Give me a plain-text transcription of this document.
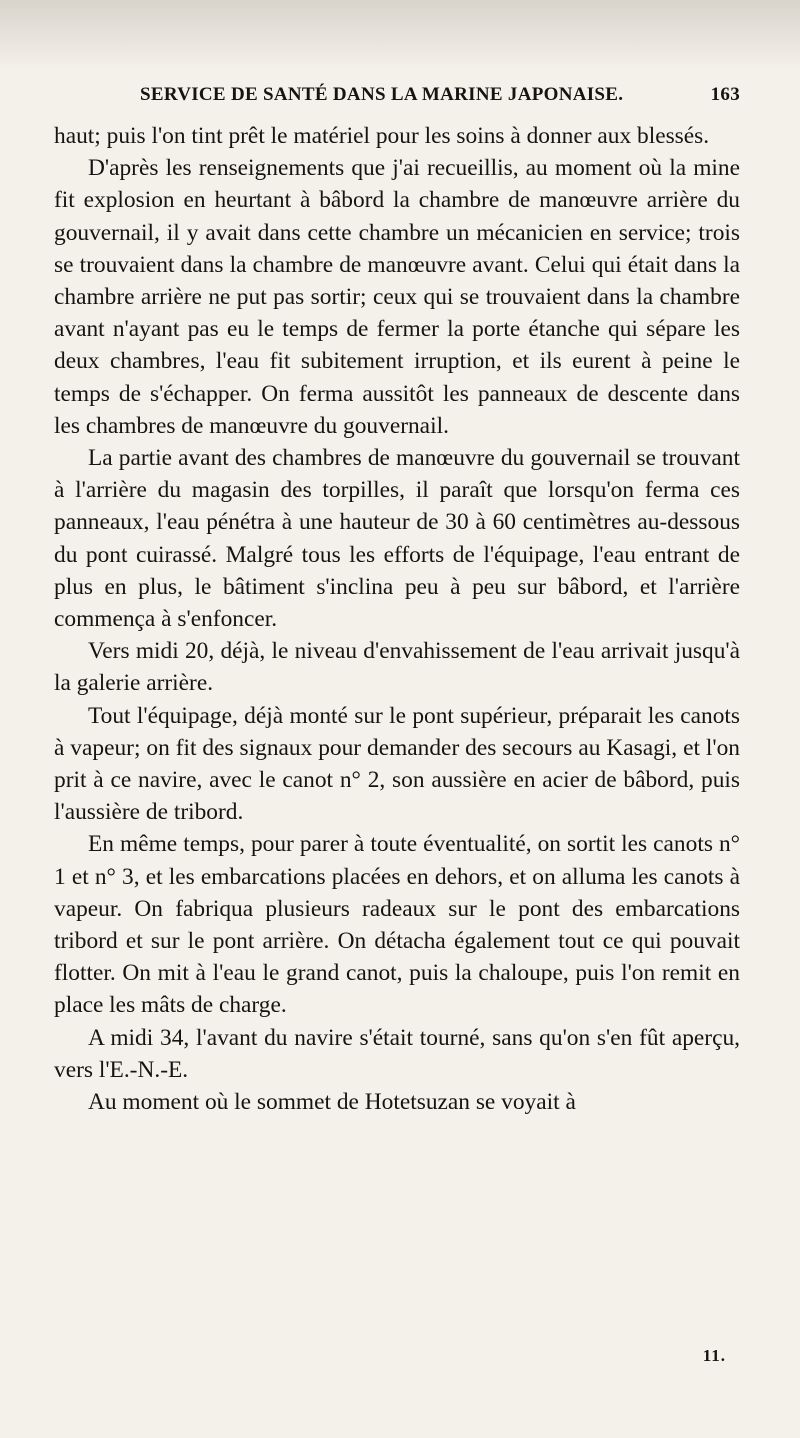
SERVICE DE SANTÉ DANS LA MARINE JAPONAISE.	163

haut; puis l'on tint prêt le matériel pour les soins à donner aux blessés.

D'après les renseignements que j'ai recueillis, au moment où la mine fit explosion en heurtant à bâbord la chambre de manœuvre arrière du gouvernail, il y avait dans cette chambre un mécanicien en service; trois se trouvaient dans la chambre de manœuvre avant. Celui qui était dans la chambre arrière ne put pas sortir; ceux qui se trouvaient dans la chambre avant n'ayant pas eu le temps de fermer la porte étanche qui sépare les deux chambres, l'eau fit subitement irruption, et ils eurent à peine le temps de s'échapper. On ferma aussitôt les panneaux de descente dans les chambres de manœuvre du gouvernail.

La partie avant des chambres de manœuvre du gouvernail se trouvant à l'arrière du magasin des torpilles, il paraît que lorsqu'on ferma ces panneaux, l'eau pénétra à une hauteur de 30 à 60 centimètres au-dessous du pont cuirassé. Malgré tous les efforts de l'équipage, l'eau entrant de plus en plus, le bâtiment s'inclina peu à peu sur bâbord, et l'arrière commença à s'enfoncer.

Vers midi 20, déjà, le niveau d'envahissement de l'eau arrivait jusqu'à la galerie arrière.

Tout l'équipage, déjà monté sur le pont supérieur, préparait les canots à vapeur; on fit des signaux pour demander des secours au Kasagi, et l'on prit à ce navire, avec le canot n° 2, son aussière en acier de bâbord, puis l'aussière de tribord.

En même temps, pour parer à toute éventualité, on sortit les canots n° 1 et n° 3, et les embarcations placées en dehors, et on alluma les canots à vapeur. On fabriqua plusieurs radeaux sur le pont des embarcations tribord et sur le pont arrière. On détacha également tout ce qui pouvait flotter. On mit à l'eau le grand canot, puis la chaloupe, puis l'on remit en place les mâts de charge.

A midi 34, l'avant du navire s'était tourné, sans qu'on s'en fût aperçu, vers l'E.-N.-E.

Au moment où le sommet de Hotetsuzan se voyait à

11.
